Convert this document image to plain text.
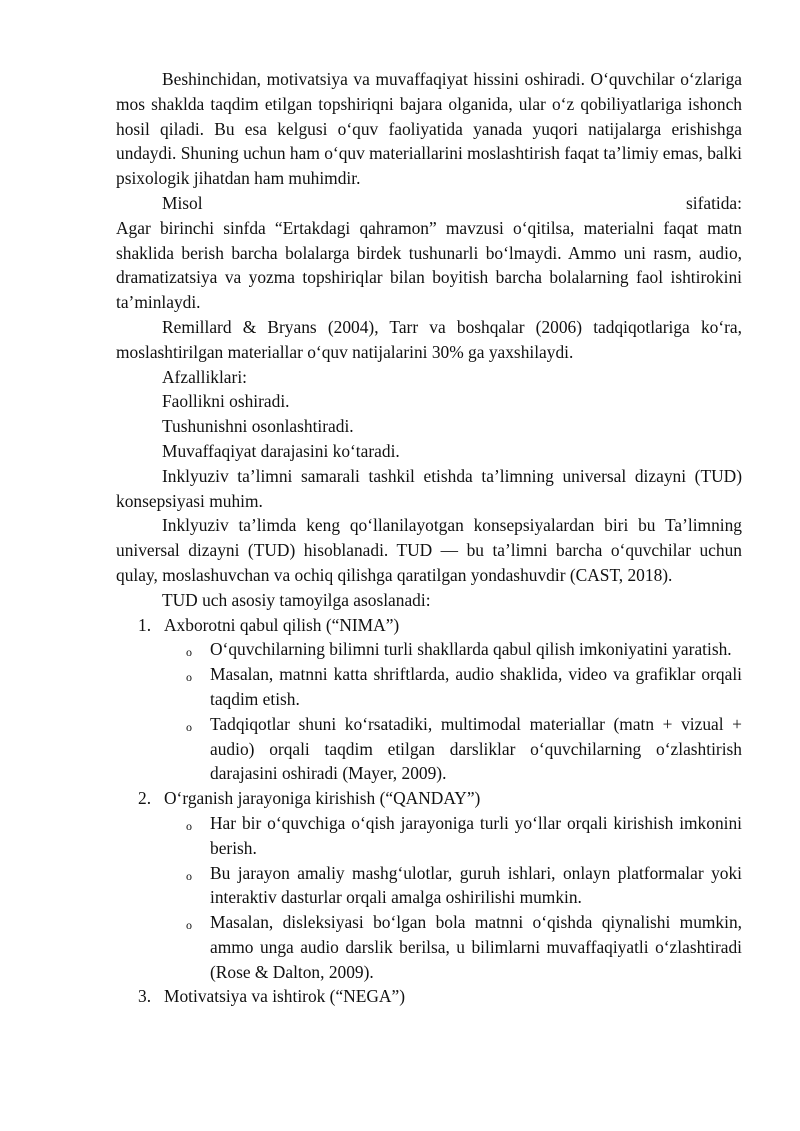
Beshinchidan, motivatsiya va muvaffaqiyat hissini oshiradi. O‘quvchilar o‘zlariga mos shaklda taqdim etilgan topshiriqni bajara olganida, ular o‘z qobiliyatlariga ishonch hosil qiladi. Bu esa kelgusi o‘quv faoliyatida yanada yuqori natijalarga erishishga undaydi. Shuning uchun ham o‘quv materiallarini moslashtirish faqat ta’limiy emas, balki psixologik jihatdan ham muhimdir.

Misol	sifatida:
Agar birinchi sinfda “Ertakdagi qahramon” mavzusi o‘qitilsa, materialni faqat matn shaklida berish barcha bolalarga birdek tushunarli bo‘lmaydi. Ammo uni rasm, audio, dramatizatsiya va yozma topshiriqlar bilan boyitish barcha bolalarning faol ishtirokini ta’minlaydi.

Remillard & Bryans (2004), Tarr va boshqalar (2006) tadqiqotlariga ko‘ra, moslashtirilgan materiallar o‘quv natijalarini 30% ga yaxshilaydi.

Afzalliklari:

Faollikni oshiradi.

Tushunishni osonlashtiradi.

Muvaffaqiyat darajasini ko‘taradi.

Inklyuziv ta’limni samarali tashkil etishda ta’limning universal dizayni (TUD) konsepsiyasi muhim.

Inklyuziv ta’limda keng qo‘llanilayotgan konsepsiyalardan biri bu Ta’limning universal dizayni (TUD) hisoblanadi. TUD — bu ta’limni barcha o‘quvchilar uchun qulay, moslashuvchan va ochiq qilishga qaratilgan yondashuvdir (CAST, 2018).

TUD uch asosiy tamoyilga asoslanadi:

1. Axborotni qabul qilish (“NIMA”)
o O‘quvchilarning bilimni turli shakllarda qabul qilish imkoniyatini yaratish.
o Masalan, matnni katta shriftlarda, audio shaklida, video va grafiklar orqali taqdim etish.
o Tadqiqotlar shuni ko‘rsatadiki, multimodal materiallar (matn + vizual + audio) orqali taqdim etilgan darsliklar o‘quvchilarning o‘zlashtirish darajasini oshiradi (Mayer, 2009).
2. O‘rganish jarayoniga kirishish (“QANDAY”)
o Har bir o‘quvchiga o‘qish jarayoniga turli yo‘llar orqali kirishish imkonini berish.
o Bu jarayon amaliy mashg‘ulotlar, guruh ishlari, onlayn platformalar yoki interaktiv dasturlar orqali amalga oshirilishi mumkin.
o Masalan, disleksiyasi bo‘lgan bola matnni o‘qishda qiynalishi mumkin, ammo unga audio darslik berilsa, u bilimlarni muvaffaqiyatli o‘zlashtiradi (Rose & Dalton, 2009).
3. Motivatsiya va ishtirok (“NEGA”)
